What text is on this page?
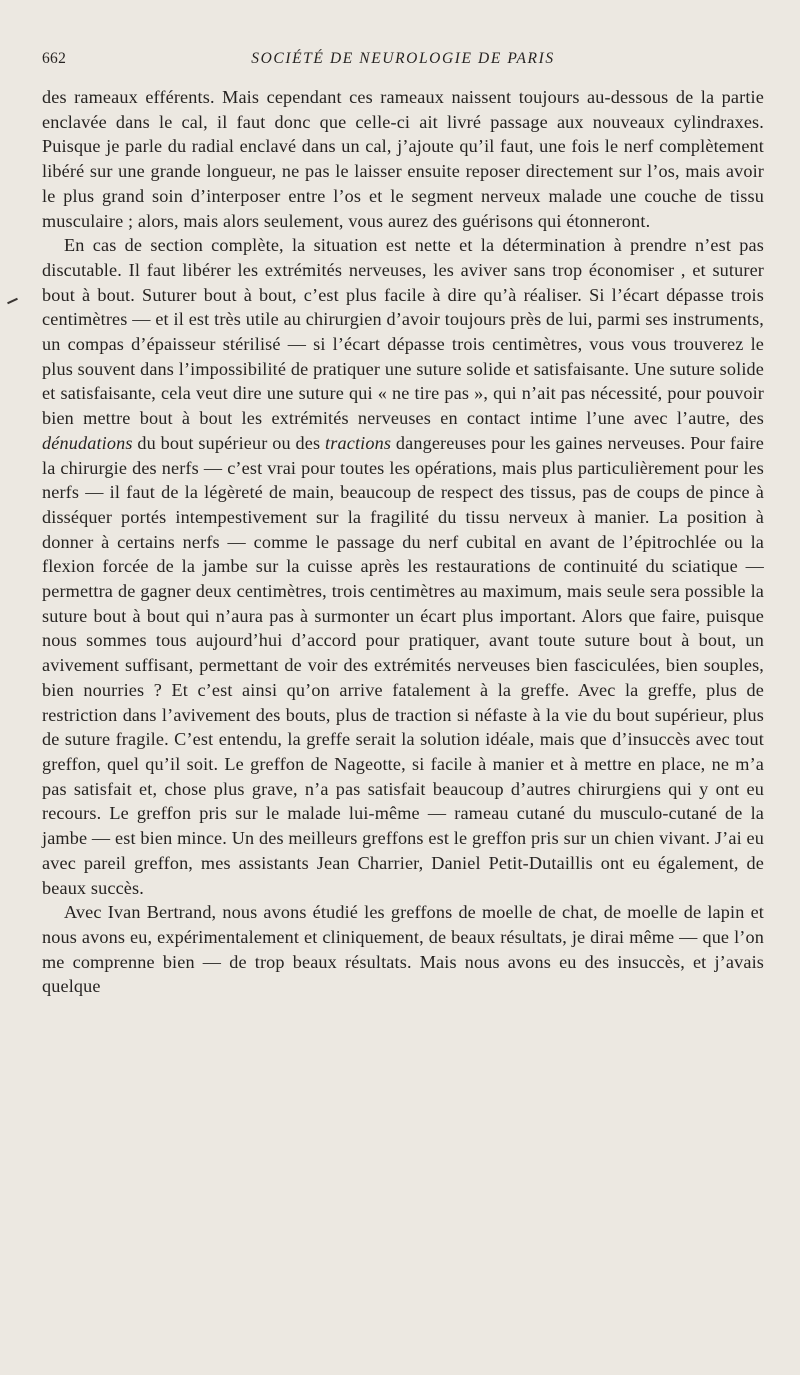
662	SOCIÉTÉ DE NEUROLOGIE DE PARIS

des rameaux efférents. Mais cependant ces rameaux naissent toujours au-dessous de la partie enclavée dans le cal, il faut donc que celle-ci ait livré passage aux nouveaux cylindraxes. Puisque je parle du radial enclavé dans un cal, j’ajoute qu’il faut, une fois le nerf complètement libéré sur une grande longueur, ne pas le laisser ensuite reposer directement sur l’os, mais avoir le plus grand soin d’interposer entre l’os et le segment nerveux malade une couche de tissu musculaire ; alors, mais alors seulement, vous aurez des guérisons qui étonneront.

En cas de section complète, la situation est nette et la détermination à prendre n’est pas discutable. Il faut libérer les extrémités nerveuses, les aviver sans trop économiser , et suturer bout à bout. Suturer bout à bout, c’est plus facile à dire qu’à réaliser. Si l’écart dépasse trois centimètres — et il est très utile au chirurgien d’avoir toujours près de lui, parmi ses instruments, un compas d’épaisseur stérilisé — si l’écart dépasse trois centimètres, vous vous trouverez le plus souvent dans l’impossibilité de pratiquer une suture solide et satisfaisante. Une suture solide et satisfaisante, cela veut dire une suture qui « ne tire pas », qui n’ait pas nécessité, pour pouvoir bien mettre bout à bout les extrémités nerveuses en contact intime l’une avec l’autre, des dénudations du bout supérieur ou des tractions dangereuses pour les gaines nerveuses. Pour faire la chirurgie des nerfs — c’est vrai pour toutes les opérations, mais plus particulièrement pour les nerfs — il faut de la légèreté de main, beaucoup de respect des tissus, pas de coups de pince à disséquer portés intempestivement sur la fragilité du tissu nerveux à manier. La position à donner à certains nerfs — comme le passage du nerf cubital en avant de l’épitrochlée ou la flexion forcée de la jambe sur la cuisse après les restaurations de continuité du sciatique — permettra de gagner deux centimètres, trois centimètres au maximum, mais seule sera possible la suture bout à bout qui n’aura pas à surmonter un écart plus important. Alors que faire, puisque nous sommes tous aujourd’hui d’accord pour pratiquer, avant toute suture bout à bout, un avivement suffisant, permettant de voir des extrémités nerveuses bien fasciculées, bien souples, bien nourries ? Et c’est ainsi qu’on arrive fatalement à la greffe. Avec la greffe, plus de restriction dans l’avivement des bouts, plus de traction si néfaste à la vie du bout supérieur, plus de suture fragile. C’est entendu, la greffe serait la solution idéale, mais que d’insuccès avec tout greffon, quel qu’il soit. Le greffon de Nageotte, si facile à manier et à mettre en place, ne m’a pas satisfait et, chose plus grave, n’a pas satisfait beaucoup d’autres chirurgiens qui y ont eu recours. Le greffon pris sur le malade lui-même — rameau cutané du musculo-cutané de la jambe — est bien mince. Un des meilleurs greffons est le greffon pris sur un chien vivant. J’ai eu avec pareil greffon, mes assistants Jean Charrier, Daniel Petit-Dutaillis ont eu également, de beaux succès.

Avec Ivan Bertrand, nous avons étudié les greffons de moelle de chat, de moelle de lapin et nous avons eu, expérimentalement et cliniquement, de beaux résultats, je dirai même — que l’on me comprenne bien — de trop beaux résultats. Mais nous avons eu des insuccès, et j’avais quelque
